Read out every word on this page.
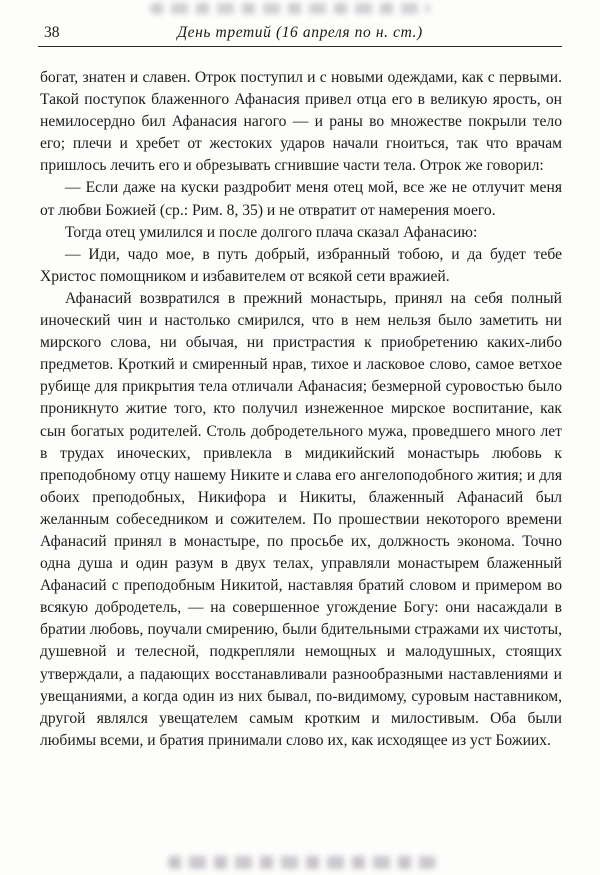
38	День третий (16 апреля по н. ст.)

богат, знатен и славен. Отрок поступил и с новыми одеждами, как с первыми. Такой поступок блаженного Афанасия привел отца его в великую ярость, он немилосердно бил Афанасия нагого — и раны во множестве покрыли тело его; плечи и хребет от жестоких ударов начали гноиться, так что врачам пришлось лечить его и обрезывать сгнившие части тела. Отрок же говорил:

— Если даже на куски раздробит меня отец мой, все же не отлучит меня от любви Божией (ср.: Рим. 8, 35) и не отвратит от намерения моего.

Тогда отец умилился и после долгого плача сказал Афанасию:

— Иди, чадо мое, в путь добрый, избранный тобою, и да будет тебе Христос помощником и избавителем от всякой сети вражией.

Афанасий возвратился в прежний монастырь, принял на себя полный иноческий чин и настолько смирился, что в нем нельзя было заметить ни мирского слова, ни обычая, ни пристрастия к приобретению каких-либо предметов. Кроткий и смиренный нрав, тихое и ласковое слово, самое ветхое рубище для прикрытия тела отличали Афанасия; безмерной суровостью было проникнуто житие того, кто получил изнеженное мирское воспитание, как сын богатых родителей. Столь добродетельного мужа, проведшего много лет в трудах иноческих, привлекла в мидикийский монастырь любовь к преподобному отцу нашему Никите и слава его ангелоподобного жития; и для обоих преподобных, Никифора и Никиты, блаженный Афанасий был желанным собеседником и сожителем. По прошествии некоторого времени Афанасий принял в монастыре, по просьбе их, должность эконома. Точно одна душа и один разум в двух телах, управляли монастырем блаженный Афанасий с преподобным Никитой, наставляя братий словом и примером во всякую добродетель, — на совершенное угождение Богу: они насаждали в братии любовь, поучали смирению, были бдительными стражами их чистоты, душевной и телесной, подкрепляли немощных и малодушных, стоящих утверждали, а падающих восстанавливали разнообразными наставлениями и увещаниями, а когда один из них бывал, по-видимому, суровым наставником, другой являлся увещателем самым кротким и милостивым. Оба были любимы всеми, и братия принимали слово их, как исходящее из уст Божиих.
